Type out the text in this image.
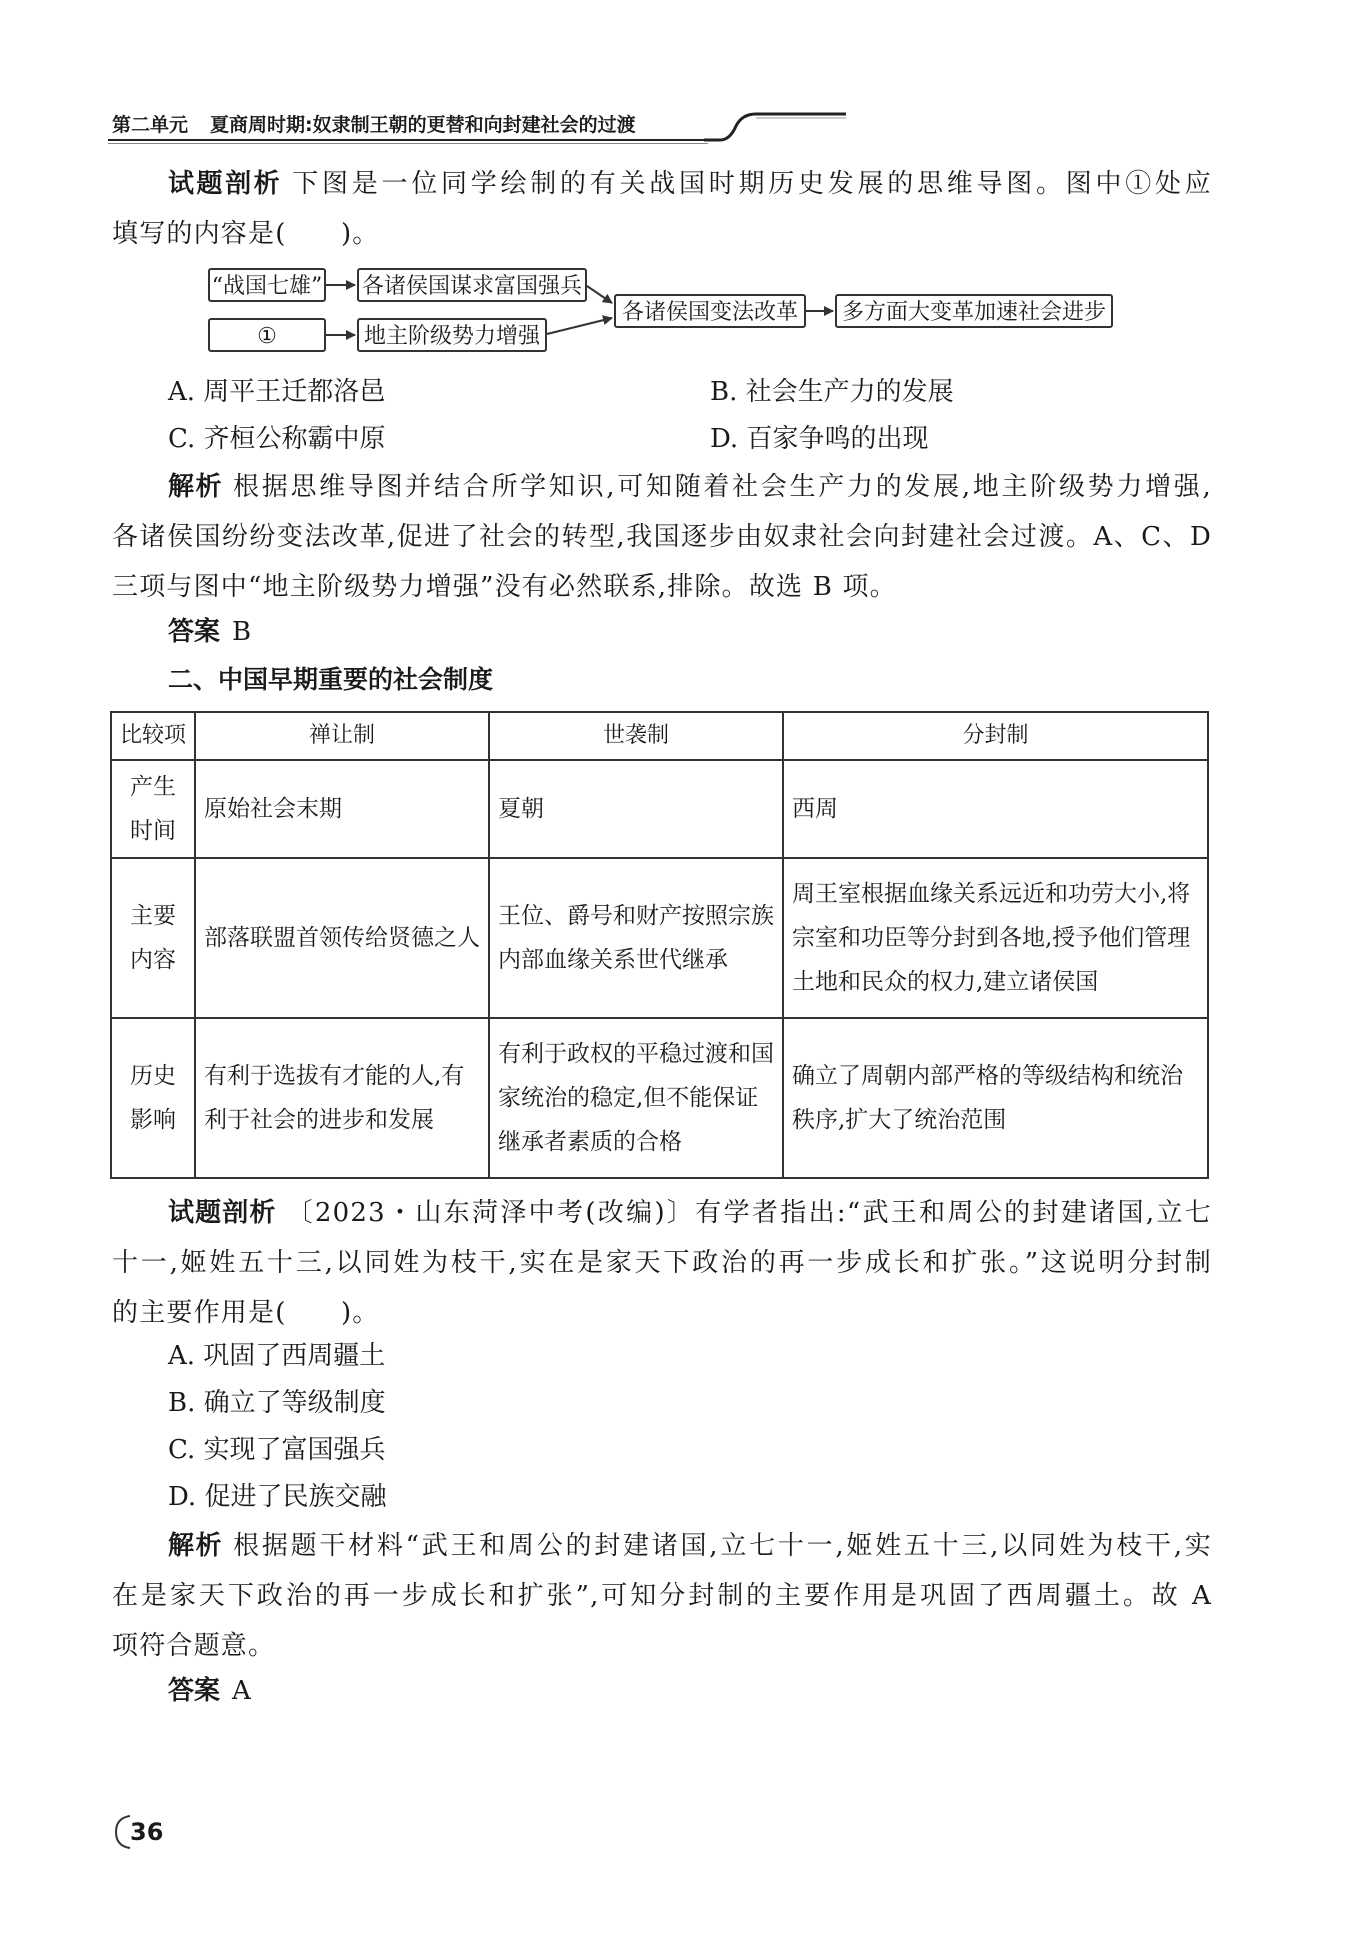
第二单元 夏商周时期:奴隶制王朝的更替和向封建社会的过渡
试题剖析 下图是一位同学绘制的有关战国时期历史发展的思维导图。图中①处应
填写的内容是(　　)。
“战国七雄” 各诸侯国谋求富国强兵
①	地主阶级势力增强
各诸侯国变法改革	多方面大变革加速社会进步
A. 周平王迁都洛邑	B. 社会生产力的发展
C. 齐桓公称霸中原	D. 百家争鸣的出现
解析 根据思维导图并结合所学知识,可知随着社会生产力的发展,地主阶级势力增强,
各诸侯国纷纷变法改革,促进了社会的转型,我国逐步由奴隶社会向封建社会过渡。A、C、D
三项与图中“地主阶级势力增强”没有必然联系,排除。故选 B 项。
答案 B
二、中国早期重要的社会制度
比较项	禅让制	世袭制	分封制
产生时间	原始社会末期	夏朝	西周
主要内容	部落联盟首领传给贤德之人	王位、爵号和财产按照宗族内部血缘关系世代继承	周王室根据血缘关系远近和功劳大小,将宗室和功臣等分封到各地,授予他们管理土地和民众的权力,建立诸侯国
历史影响	有利于选拔有才能的人,有利于社会的进步和发展	有利于政权的平稳过渡和国家统治的稳定,但不能保证继承者素质的合格	确立了周朝内部严格的等级结构和统治秩序,扩大了统治范围
试题剖析 〔2023・山东菏泽中考(改编)〕有学者指出:“武王和周公的封建诸国,立七
十一,姬姓五十三,以同姓为枝干,实在是家天下政治的再一步成长和扩张。”这说明分封制
的主要作用是(　　)。
A. 巩固了西周疆土
B. 确立了等级制度
C. 实现了富国强兵
D. 促进了民族交融
解析 根据题干材料“武王和周公的封建诸国,立七十一,姬姓五十三,以同姓为枝干,实
在是家天下政治的再一步成长和扩张”,可知分封制的主要作用是巩固了西周疆土。故 A
项符合题意。
答案 A
36
